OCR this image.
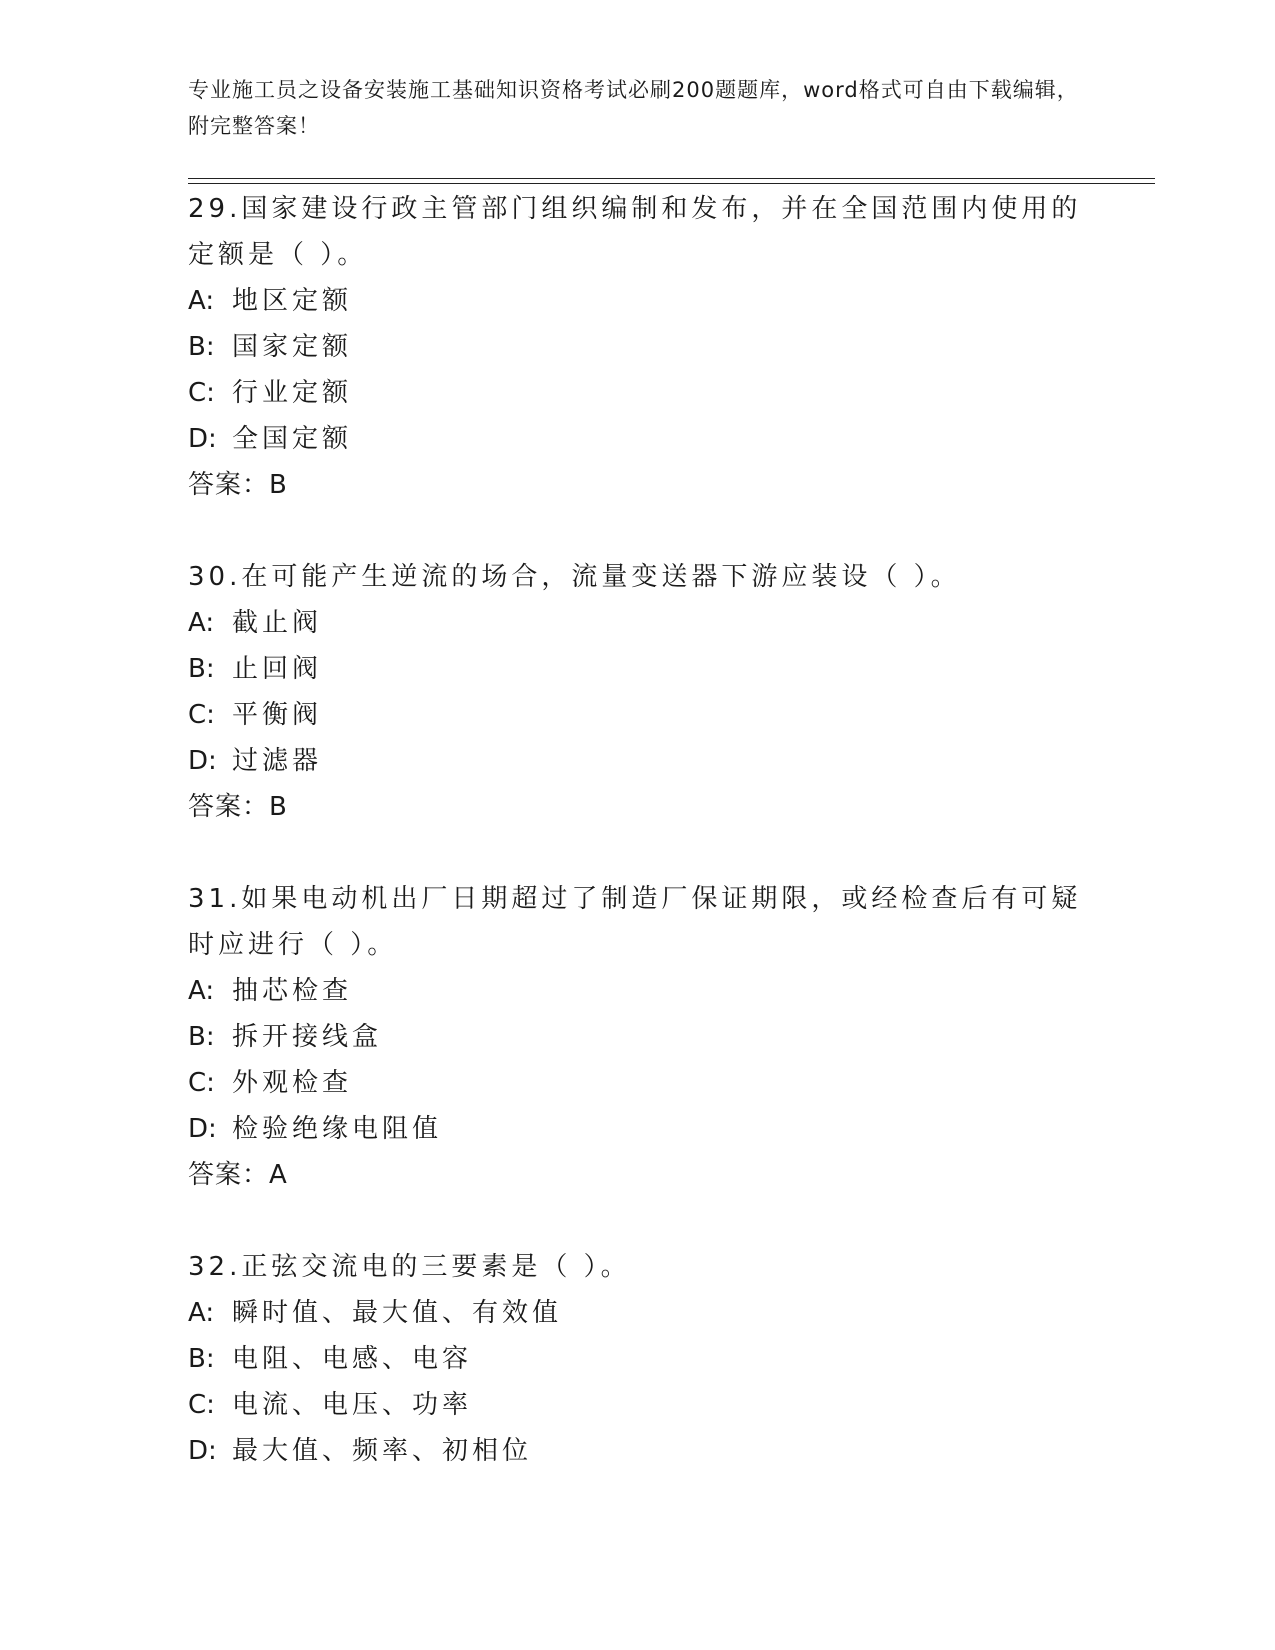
专业施工员之设备安装施工基础知识资格考试必刷200题题库，word格式可自由下载编辑，附完整答案！
29.国家建设行政主管部门组织编制和发布，并在全国范围内使用的定额是（ ）。
A: 地区定额
B: 国家定额
C: 行业定额
D: 全国定额
答案：B
30.在可能产生逆流的场合，流量变送器下游应装设（ ）。
A: 截止阀
B: 止回阀
C: 平衡阀
D: 过滤器
答案：B
31.如果电动机出厂日期超过了制造厂保证期限，或经检查后有可疑时应进行（ ）。
A: 抽芯检查
B: 拆开接线盒
C: 外观检查
D: 检验绝缘电阻值
答案：A
32.正弦交流电的三要素是（ ）。
A: 瞬时值、最大值、有效值
B: 电阻、电感、电容
C: 电流、电压、功率
D: 最大值、频率、初相位
